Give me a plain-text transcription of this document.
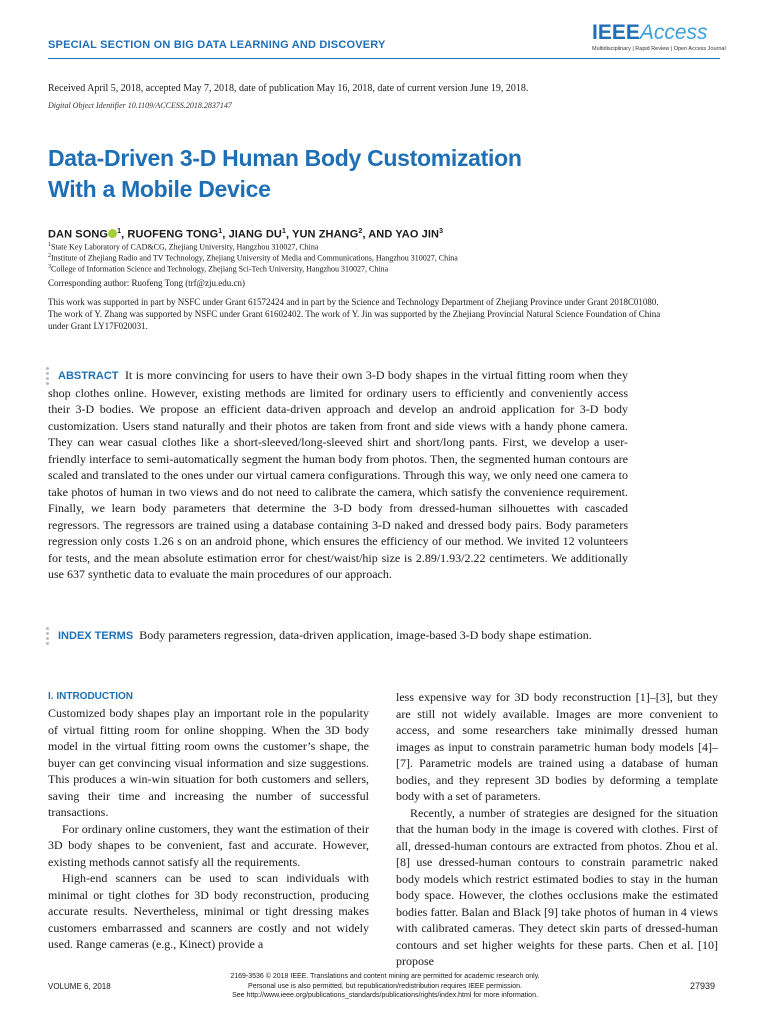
SPECIAL SECTION ON BIG DATA LEARNING AND DISCOVERY
IEEEAccess
Multidisciplinary | Rapid Review | Open Access Journal
Received April 5, 2018, accepted May 7, 2018, date of publication May 16, 2018, date of current version June 19, 2018.
Digital Object Identifier 10.1109/ACCESS.2018.2837147
Data-Driven 3-D Human Body Customization
With a Mobile Device
DAN SONG $^1$, RUOFENG TONG$^1$, JIANG $DU^1$, YUN ZHANG$^2$, AND YAO JIN$^3$
$^1$State Key Laboratory of CAD&CG, Zhejiang University, Hangzhou 310027, China
$^2$Institute of Zhejiang Radio and TV Technology, Zhejiang University of Media and Communications, Hangzhou 310027, China
$^3$College of Information Science and Technology, Zhejiang Sci-Tech University, Hangzhou 310027, China
Corresponding author: Ruofeng Tong (trf@zju.edu.cn)

This work was supported in part by NSFC under Grant 61572424 and in part by the Science and Technology Department of Zhejiang Province under Grant 2018C01080. The work of Y. Zhang was supported by NSFC under Grant 61602402. The work of Y. Jin was supported by the Zhejiang Provincial Natural Science Foundation of China under Grant LY17F020031.

ABSTRACT It is more convincing for users to have their own 3-D body shapes in the virtual fitting room when they shop clothes online. However, existing methods are limited for ordinary users to efficiently and conveniently access their 3-D bodies. We propose an efficient data-driven approach and develop an android application for 3-D body customization. Users stand naturally and their photos are taken from front and side views with a handy phone camera. They can wear casual clothes like a short-sleeved/long-sleeved shirt and short/long pants. First, we develop a user-friendly interface to semi-automatically segment the human body from photos. Then, the segmented human contours are scaled and translated to the ones under our virtual camera configurations. Through this way, we only need one camera to take photos of human in two views and do not need to calibrate the camera, which satisfy the convenience requirement. Finally, we learn body parameters that determine the 3-D body from dressed-human silhouettes with cascaded regressors. The regressors are trained using a database containing 3-D naked and dressed body pairs. Body parameters regression only costs 1.26 s on an android phone, which ensures the efficiency of our method. We invited 12 volunteers for tests, and the mean absolute estimation error for chest/waist/hip size is 2.89/1.93/2.22 centimeters. We additionally use 637 synthetic data to evaluate the main procedures of our approach.

INDEX TERMS Body parameters regression, data-driven application, image-based 3-D body shape estimation.

I. INTRODUCTION

Customized body shapes play an important role in the popularity of virtual fitting room for online shopping. When the 3D body model in the virtual fitting room owns the customer’s shape, the buyer can get convincing visual information and size suggestions. This produces a win-win situation for both customers and sellers, saving their time and increasing the number of successful transactions.

For ordinary online customers, they want the estimation of their 3D body shapes to be convenient, fast and accurate. However, existing methods cannot satisfy all the requirements.

High-end scanners can be used to scan individuals with minimal or tight clothes for 3D body reconstruction, producing accurate results. Nevertheless, minimal or tight dressing makes customers embarrassed and scanners are costly and not widely used. Range cameras (e.g., Kinect) provide a

less expensive way for 3D body reconstruction [1]–[3], but they are still not widely available. Images are more convenient to access, and some researchers take minimally dressed human images as input to constrain parametric human body models [4]–[7]. Parametric models are trained using a database of human bodies, and they represent 3D bodies by deforming a template body with a set of parameters.

Recently, a number of strategies are designed for the situation that the human body in the image is covered with clothes. First of all, dressed-human contours are extracted from photos. Zhou et al. [8] use dressed-human contours to constrain parametric naked body models which restrict estimated bodies to stay in the human body space. However, the clothes occlusions make the estimated bodies fatter. Balan and Black [9] take photos of human in 4 views with calibrated cameras. They detect skin parts of dressed-human contours and set higher weights for these parts. Chen et al. [10] propose

VOLUME 6, 2018
2169-3536 © 2018 IEEE. Translations and content mining are permitted for academic research only.
Personal use is also permitted, but republication/redistribution requires IEEE permission.
See http://www.ieee.org/publications_standards/publications/rights/index.html for more information.
27939
